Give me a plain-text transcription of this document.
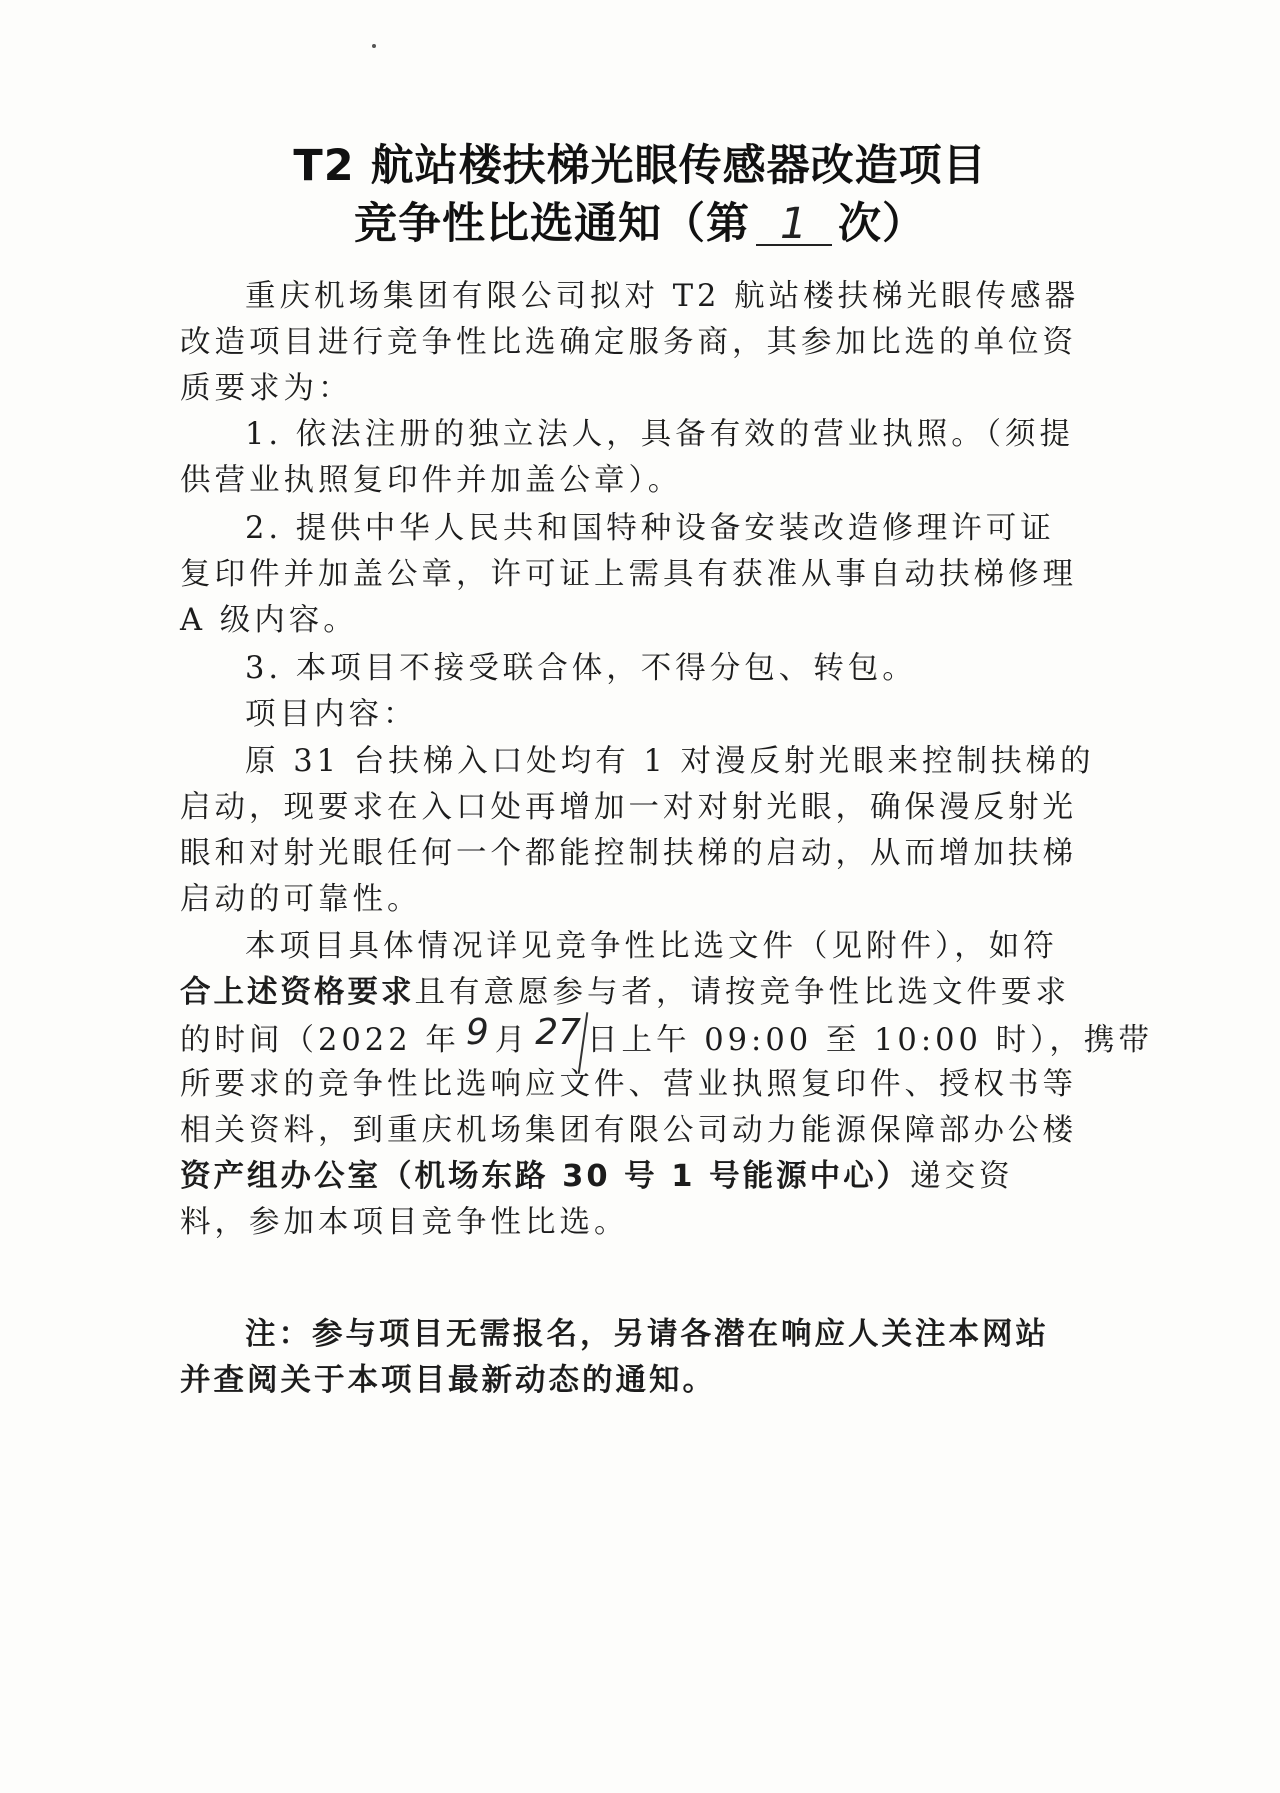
T2 航站楼扶梯光眼传感器改造项目
竞争性比选通知（第 1 次）
重庆机场集团有限公司拟对 T2 航站楼扶梯光眼传感器
改造项目进行竞争性比选确定服务商，其参加比选的单位资
质要求为：
1. 依法注册的独立法人，具备有效的营业执照。（须提
供营业执照复印件并加盖公章）。
2. 提供中华人民共和国特种设备安装改造修理许可证
复印件并加盖公章，许可证上需具有获准从事自动扶梯修理
A 级内容。
3. 本项目不接受联合体，不得分包、转包。
项目内容：
原 31 台扶梯入口处均有 1 对漫反射光眼来控制扶梯的
启动，现要求在入口处再增加一对对射光眼，确保漫反射光
眼和对射光眼任何一个都能控制扶梯的启动，从而增加扶梯
启动的可靠性。
本项目具体情况详见竞争性比选文件（见附件），如符
合上述资格要求且有意愿参与者，请按竞争性比选文件要求
的时间（2022 年 9 月 27 日上午 09:00 至 10:00 时），携带
所要求的竞争性比选响应文件、营业执照复印件、授权书等
相关资料，到重庆机场集团有限公司动力能源保障部办公楼
资产组办公室（机场东路 30 号 1 号能源中心）递交资
料，参加本项目竞争性比选。
注：参与项目无需报名，另请各潜在响应人关注本网站
并查阅关于本项目最新动态的通知。
